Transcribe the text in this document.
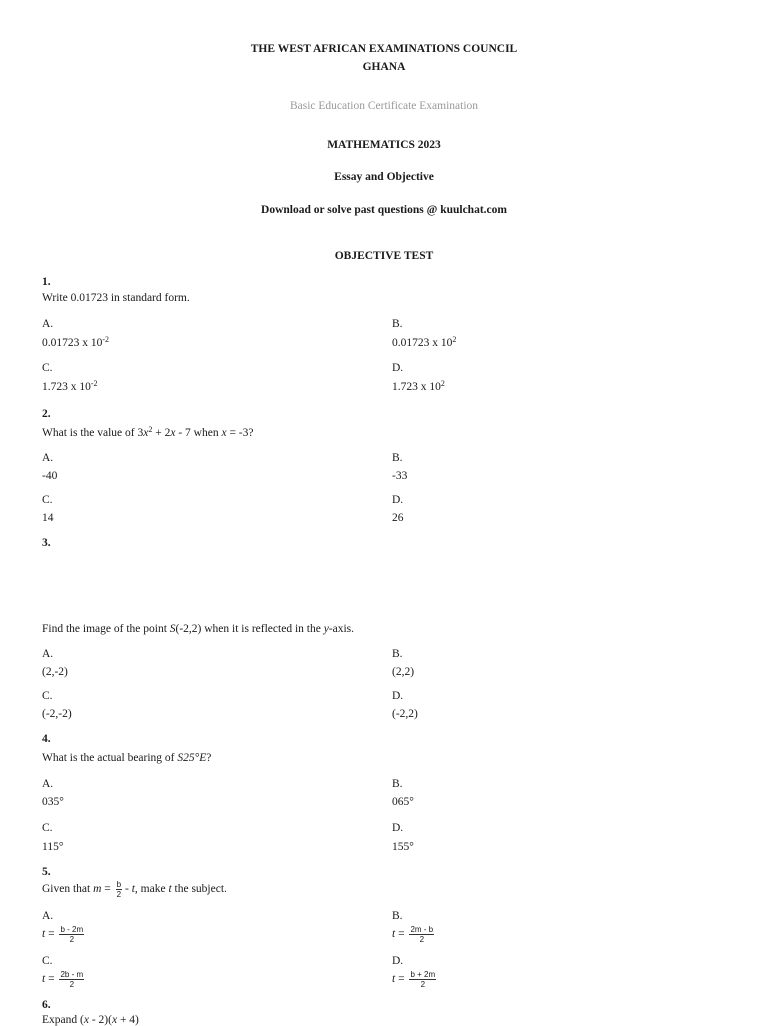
THE WEST AFRICAN EXAMINATIONS COUNCIL
GHANA
Basic Education Certificate Examination
MATHEMATICS 2023
Essay and Objective
Download or solve past questions @ kuulchat.com
OBJECTIVE TEST
1.
Write 0.01723 in standard form.
A.
0.01723 x $10^{-2}$
B.
0.01723 x $10^2$
C.
1.723 x $10^{-2}$
D.
1.723 x $10^2$
2.
What is the value of $3x^2 + 2x - 7$ when x = -3?
A.
-40
B.
-33
C.
14
D.
26
3.
Find the image of the point S(-2,2) when it is reflected in the y-axis.
A.
(2,-2)
B.
(2,2)
C.
(-2,-2)
D.
(-2,2)
4.
What is the actual bearing of S25°E?
A.
035°
B.
065°
C.
115°
D.
155°
5.
Given that $m = \frac{b}{2} - t$, make t the subject.
A.
$t = \frac{b - 2m}{2}$
B.
$t = \frac{2m - b}{2}$
C.
$t = \frac{2b - m}{2}$
D.
$t = \frac{b + 2m}{2}$
6.
Expand (x - 2)(x + 4)
